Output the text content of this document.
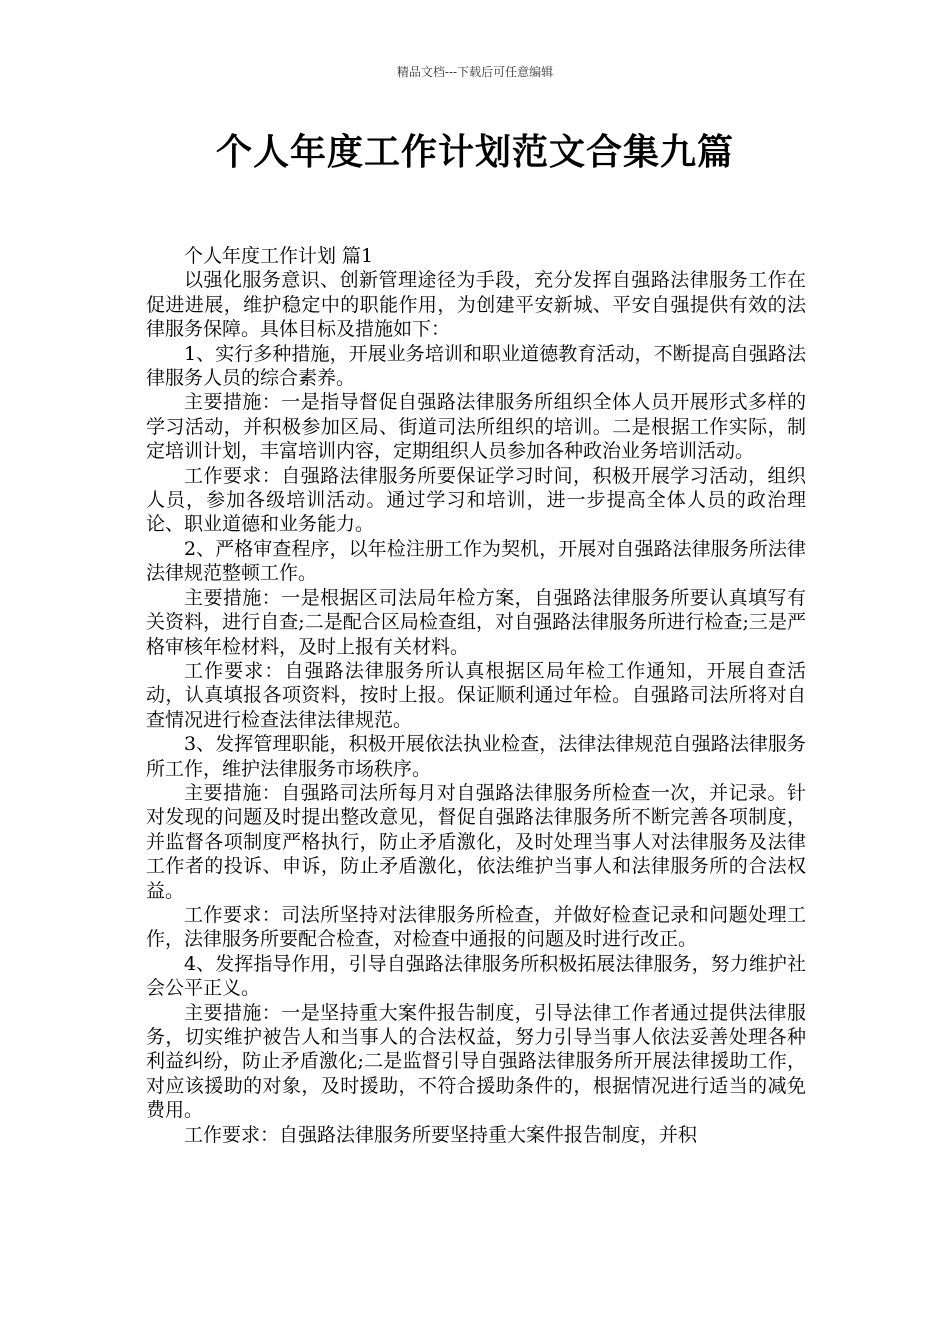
精品文档---下载后可任意编辑
个人年度工作计划范文合集九篇

个人年度工作计划 篇1

以强化服务意识、创新管理途径为手段，充分发挥自强路法律服务工作在促进进展，维护稳定中的职能作用，为创建平安新城、平安自强提供有效的法律服务保障。具体目标及措施如下：

1、实行多种措施，开展业务培训和职业道德教育活动，不断提高自强路法律服务人员的综合素养。

主要措施：一是指导督促自强路法律服务所组织全体人员开展形式多样的学习活动，并积极参加区局、街道司法所组织的培训。二是根据工作实际，制定培训计划，丰富培训内容，定期组织人员参加各种政治业务培训活动。

工作要求：自强路法律服务所要保证学习时间，积极开展学习活动，组织人员，参加各级培训活动。通过学习和培训，进一步提高全体人员的政治理论、职业道德和业务能力。

2、严格审查程序，以年检注册工作为契机，开展对自强路法律服务所法律法律规范整顿工作。

主要措施：一是根据区司法局年检方案，自强路法律服务所要认真填写有关资料，进行自查;二是配合区局检查组，对自强路法律服务所进行检查;三是严格审核年检材料，及时上报有关材料。

工作要求：自强路法律服务所认真根据区局年检工作通知，开展自查活动，认真填报各项资料，按时上报。保证顺利通过年检。自强路司法所将对自查情况进行检查法律法律规范。

3、发挥管理职能，积极开展依法执业检查，法律法律规范自强路法律服务所工作，维护法律服务市场秩序。

主要措施：自强路司法所每月对自强路法律服务所检查一次，并记录。针对发现的问题及时提出整改意见，督促自强路法律服务所不断完善各项制度，并监督各项制度严格执行，防止矛盾激化，及时处理当事人对法律服务及法律工作者的投诉、申诉，防止矛盾激化，依法维护当事人和法律服务所的合法权益。

工作要求：司法所坚持对法律服务所检查，并做好检查记录和问题处理工作，法律服务所要配合检查，对检查中通报的问题及时进行改正。

4、发挥指导作用，引导自强路法律服务所积极拓展法律服务，努力维护社会公平正义。

主要措施：一是坚持重大案件报告制度，引导法律工作者通过提供法律服务，切实维护被告人和当事人的合法权益，努力引导当事人依法妥善处理各种利益纠纷，防止矛盾激化;二是监督引导自强路法律服务所开展法律援助工作，对应该援助的对象，及时援助，不符合援助条件的，根据情况进行适当的减免费用。

工作要求：自强路法律服务所要坚持重大案件报告制度，并积
